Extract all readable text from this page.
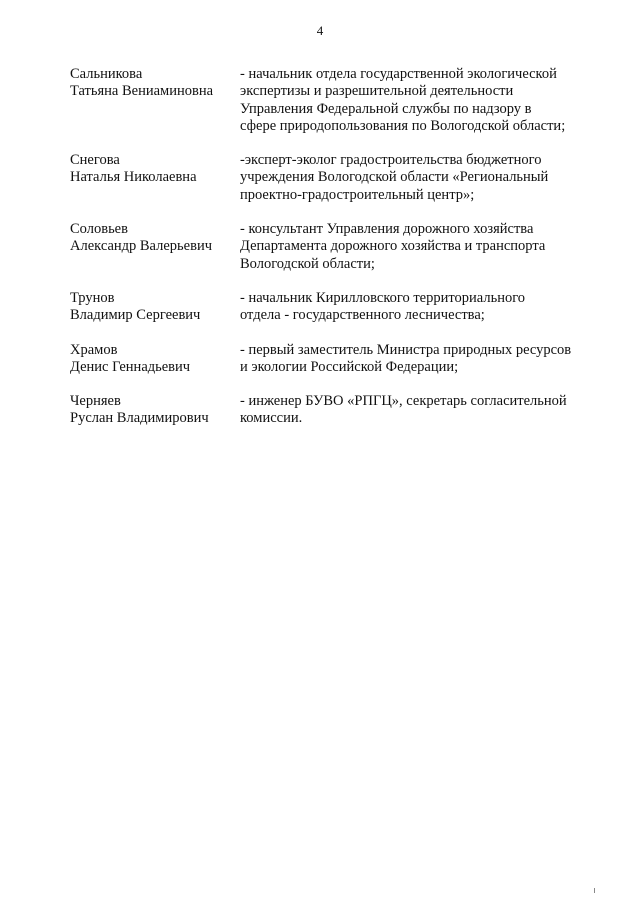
4
Сальникова
Татьяна Вениаминовна
- начальник отдела государственной экологической
экспертизы и разрешительной деятельности
Управления Федеральной службы по надзору в
сфере природопользования по Вологодской области;
Снегова
Наталья Николаевна
-эксперт-эколог градостроительства бюджетного
учреждения Вологодской области «Региональный
проектно-градостроительный центр»;
Соловьев
Александр Валерьевич
- консультант Управления дорожного хозяйства
Департамента дорожного хозяйства и транспорта
Вологодской области;
Трунов
Владимир Сергеевич
- начальник Кирилловского территориального
отдела - государственного лесничества;
Храмов
Денис Геннадьевич
- первый заместитель Министра природных ресурсов
и экологии Российской Федерации;
Черняев
Руслан Владимирович
- инженер БУВО «РПГЦ», секретарь согласительной
комиссии.
